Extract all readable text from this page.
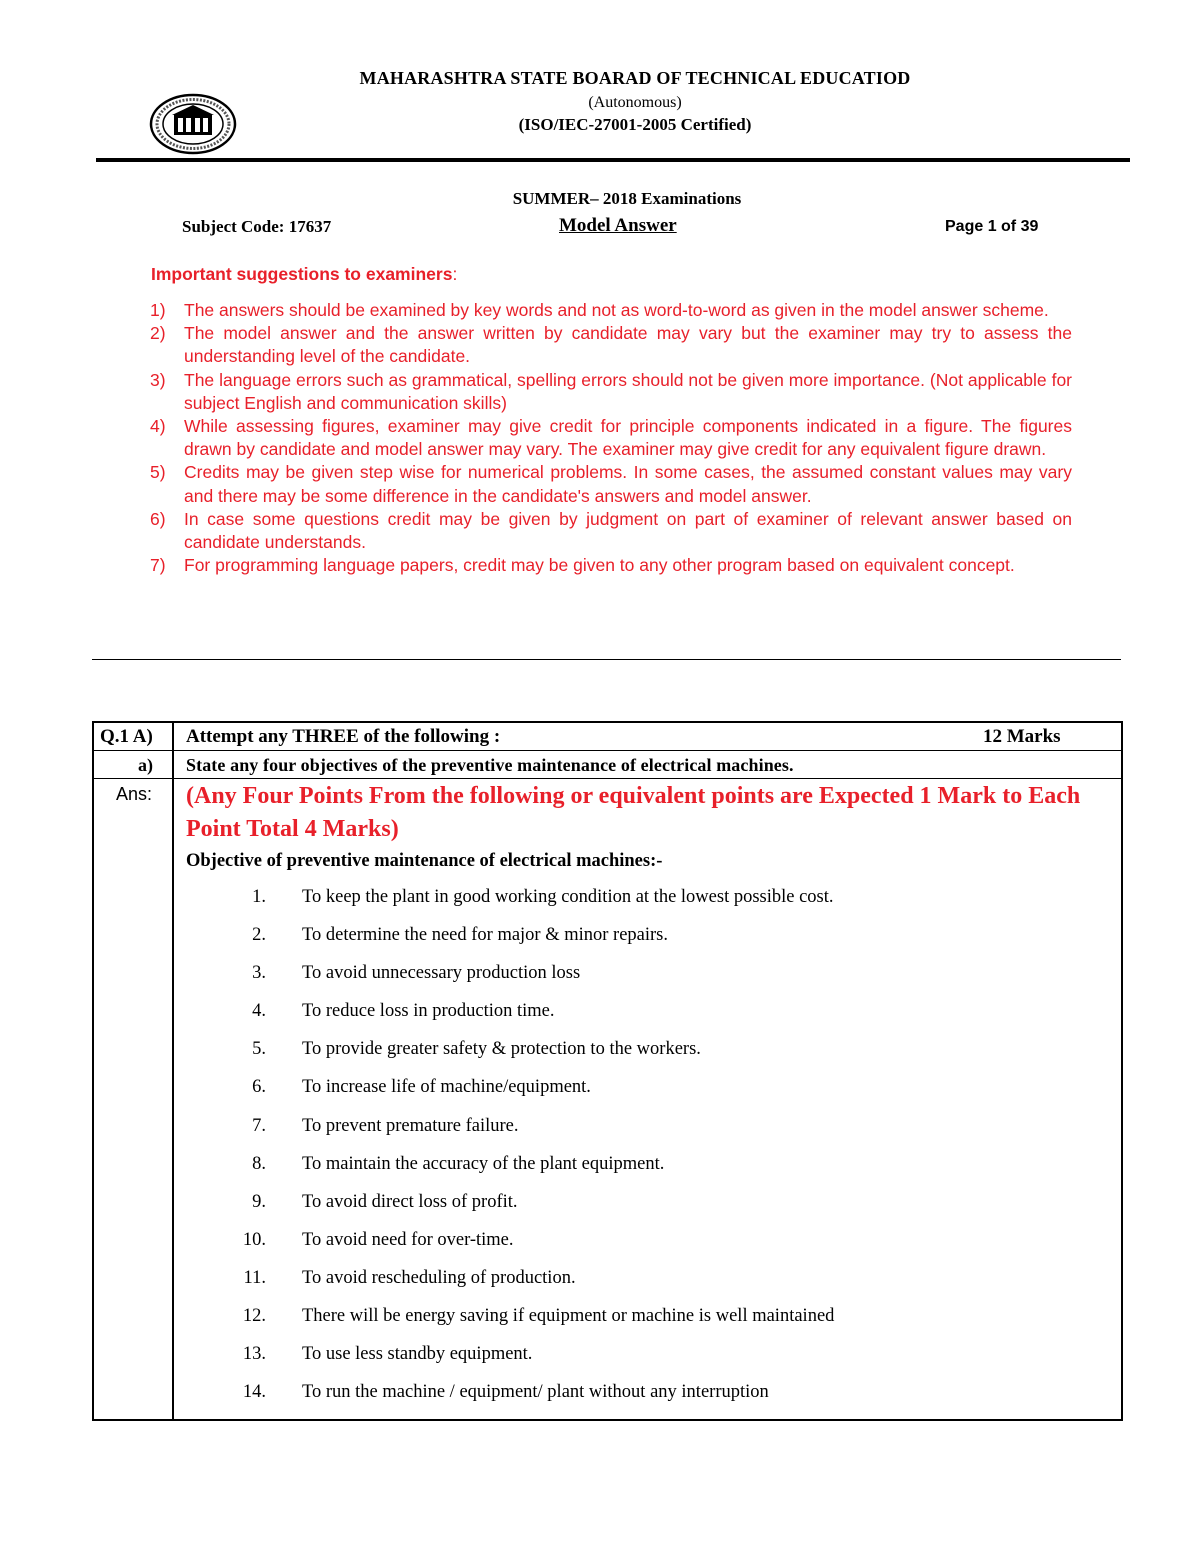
MAHARASHTRA STATE BOARAD OF TECHNICAL EDUCATIOD
(Autonomous)
(ISO/IEC-27001-2005 Certified)
SUMMER– 2018 Examinations
Subject Code: 17637	Model Answer	Page 1 of 39
Important suggestions to examiners:
1) The answers should be examined by key words and not as word-to-word as given in the model answer scheme.
2) The model answer and the answer written by candidate may vary but the examiner may try to assess the understanding level of the candidate.
3) The language errors such as grammatical, spelling errors should not be given more importance. (Not applicable for subject English and communication skills)
4) While assessing figures, examiner may give credit for principle components indicated in a figure. The figures drawn by candidate and model answer may vary. The examiner may give credit for any equivalent figure drawn.
5) Credits may be given step wise for numerical problems. In some cases, the assumed constant values may vary and there may be some difference in the candidate's answers and model answer.
6) In case some questions credit may be given by judgment on part of examiner of relevant answer based on candidate understands.
7) For programming language papers, credit may be given to any other program based on equivalent concept.
Q.1 A) Attempt any THREE of the following :	12 Marks
a) State any four objectives of the preventive maintenance of electrical machines.
Ans: (Any Four Points From the following or equivalent points are Expected 1 Mark to Each Point Total 4 Marks)
Objective of preventive maintenance of electrical machines:-
1. To keep the plant in good working condition at the lowest possible cost.
2. To determine the need for major & minor repairs.
3. To avoid unnecessary production loss
4. To reduce loss in production time.
5. To provide greater safety & protection to the workers.
6. To increase life of machine/equipment.
7. To prevent premature failure.
8. To maintain the accuracy of the plant equipment.
9. To avoid direct loss of profit.
10. To avoid need for over-time.
11. To avoid rescheduling of production.
12. There will be energy saving if equipment or machine is well maintained
13. To use less standby equipment.
14. To run the machine / equipment/ plant without any interruption
